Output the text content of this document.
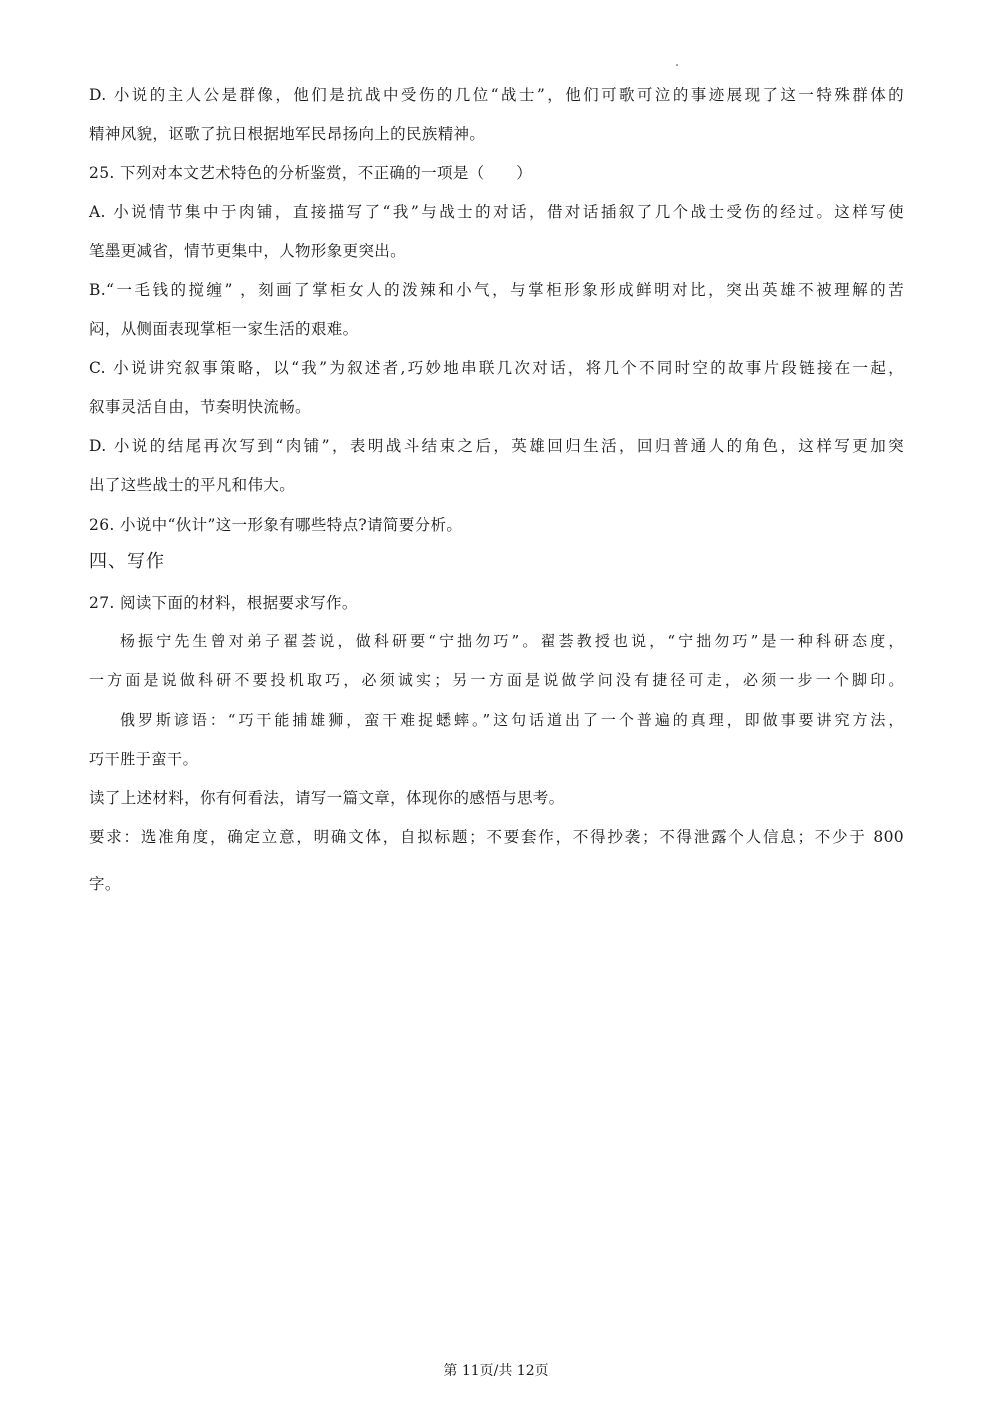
D. 小说的主人公是群像，他们是抗战中受伤的几位“战士”，他们可歌可泣的事迹展现了这一特殊群体的
精神风貌，讴歌了抗日根据地军民昂扬向上的民族精神。
25. 下列对本文艺术特色的分析鉴赏，不正确的一项是（　　）
A. 小说情节集中于肉铺，直接描写了“我”与战士的对话，借对话插叙了几个战士受伤的经过。这样写使
笔墨更减省，情节更集中，人物形象更突出。
B.“一毛钱的搅缠” ，刻画了掌柜女人的泼辣和小气，与掌柜形象形成鲜明对比，突出英雄不被理解的苦
闷，从侧面表现掌柜一家生活的艰难。
C. 小说讲究叙事策略，以“我”为叙述者,巧妙地串联几次对话，将几个不同时空的故事片段链接在一起，
叙事灵活自由，节奏明快流畅。
D. 小说的结尾再次写到“肉铺”，表明战斗结束之后，英雄回归生活，回归普通人的角色，这样写更加突
出了这些战士的平凡和伟大。
26. 小说中“伙计”这一形象有哪些特点?请简要分析。
四、写作
27. 阅读下面的材料，根据要求写作。
杨振宁先生曾对弟子翟荟说，做科研要“宁拙勿巧”。翟荟教授也说，“宁拙勿巧”是一种科研态度，
一方面是说做科研不要投机取巧，必须诚实；另一方面是说做学问没有捷径可走，必须一步一个脚印。
俄罗斯谚语：“巧干能捕雄狮，蛮干难捉蟋蟀。”这句话道出了一个普遍的真理，即做事要讲究方法，
巧干胜于蛮干。
读了上述材料，你有何看法，请写一篇文章，体现你的感悟与思考。
要求：选准角度，确定立意，明确文体，自拟标题；不要套作，不得抄袭；不得泄露个人信息；不少于 800
字。
第 11页/共 12页
